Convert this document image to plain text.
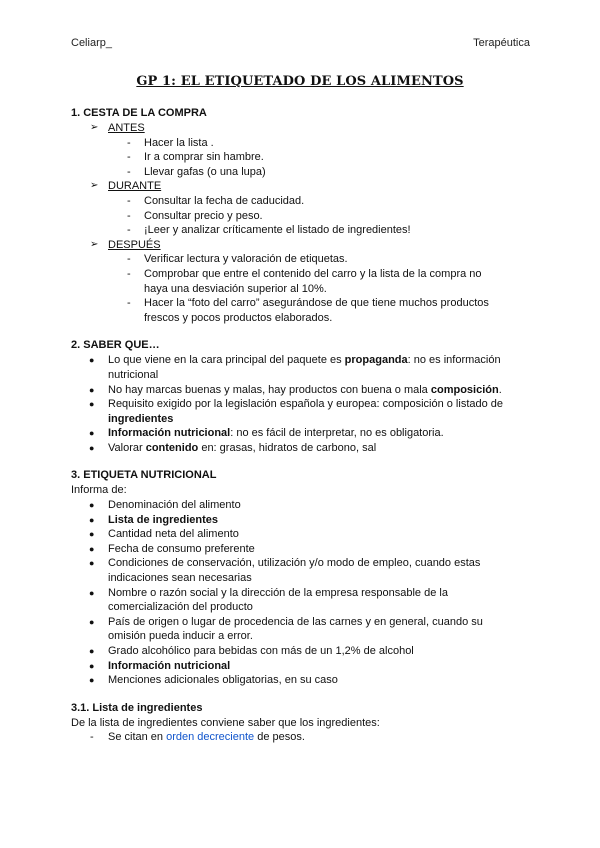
Celiarp_	Terapéutica
GP 1: EL ETIQUETADO DE LOS ALIMENTOS
1. CESTA DE LA COMPRA
➢ ANTES
- Hacer la lista .
- Ir a comprar sin hambre.
- Llevar gafas (o una lupa)
➢ DURANTE
- Consultar la fecha de caducidad.
- Consultar precio y peso.
- ¡Leer y analizar críticamente el listado de ingredientes!
➢ DESPUÉS
- Verificar lectura y valoración de etiquetas.
- Comprobar que entre el contenido del carro y la lista de la compra no haya una desviación superior al 10%.
- Hacer la “foto del carro” asegurándose de que tiene muchos productos frescos y pocos productos elaborados.
2. SABER QUE…
● Lo que viene en la cara principal del paquete es propaganda: no es información nutricional
● No hay marcas buenas y malas, hay productos con buena o mala composición.
● Requisito exigido por la legislación española y europea: composición o listado de ingredientes
● Información nutricional: no es fácil de interpretar, no es obligatoria.
● Valorar contenido en: grasas, hidratos de carbono, sal
3. ETIQUETA NUTRICIONAL
Informa de:
● Denominación del alimento
● Lista de ingredientes
● Cantidad neta del alimento
● Fecha de consumo preferente
● Condiciones de conservación, utilización y/o modo de empleo, cuando estas indicaciones sean necesarias
● Nombre o razón social y la dirección de la empresa responsable de la comercialización del producto
● País de origen o lugar de procedencia de las carnes y en general, cuando su omisión pueda inducir a error.
● Grado alcohólico para bebidas con más de un 1,2% de alcohol
● Información nutricional
● Menciones adicionales obligatorias, en su caso
3.1. Lista de ingredientes
De la lista de ingredientes conviene saber que los ingredientes:
- Se citan en orden decreciente de pesos.
